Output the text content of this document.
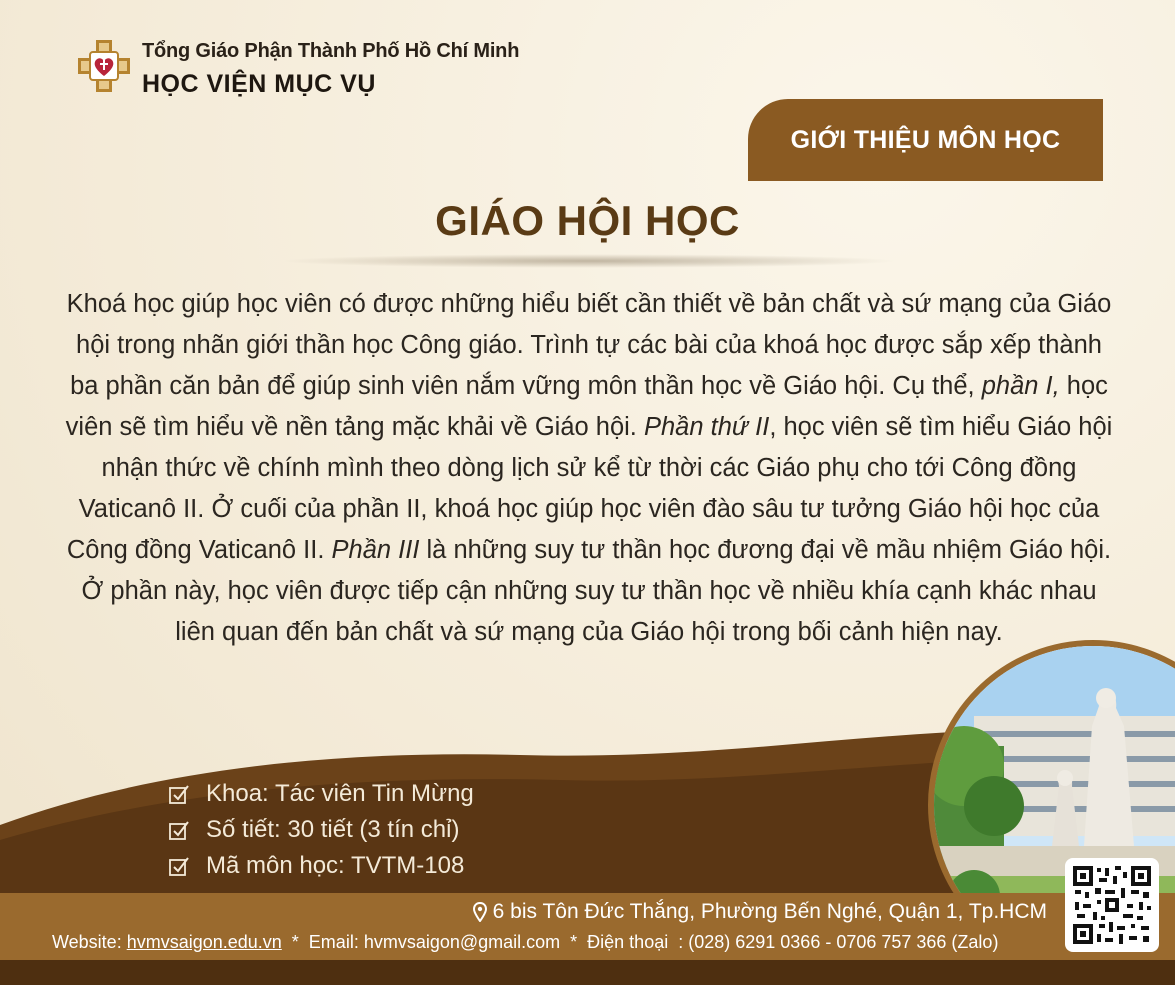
Tổng Giáo Phận Thành Phố Hồ Chí Minh
HỌC VIỆN MỤC VỤ
GIỚI THIỆU MÔN HỌC
GIÁO HỘI HỌC

Khoá học giúp học viên có được những hiểu biết cần thiết về bản chất và sứ mạng của Giáo hội trong nhãn giới thần học Công giáo. Trình tự các bài của khoá học được sắp xếp thành ba phần căn bản để giúp sinh viên nắm vững môn thần học về Giáo hội. Cụ thể, phần I, học viên sẽ tìm hiểu về nền tảng mặc khải về Giáo hội. Phần thứ II, học viên sẽ tìm hiểu Giáo hội nhận thức về chính mình theo dòng lịch sử kể từ thời các Giáo phụ cho tới Công đồng Vaticanô II. Ở cuối của phần II, khoá học giúp học viên đào sâu tư tưởng Giáo hội học của Công đồng Vaticanô II. Phần III là những suy tư thần học đương đại về mầu nhiệm Giáo hội. Ở phần này, học viên được tiếp cận những suy tư thần học về nhiều khía cạnh khác nhau liên quan đến bản chất và sứ mạng của Giáo hội trong bối cảnh hiện nay.

Khoa: Tác viên Tin Mừng
Số tiết: 30 tiết (3 tín chỉ)
Mã môn học: TVTM-108
6 bis Tôn Đức Thắng, Phường Bến Nghé, Quận 1, Tp.HCM
Website: hvmvsaigon.edu.vn  *  Email: hvmvsaigon@gmail.com  *  Điện thoại  : (028) 6291 0366 - 0706 757 366 (Zalo)
